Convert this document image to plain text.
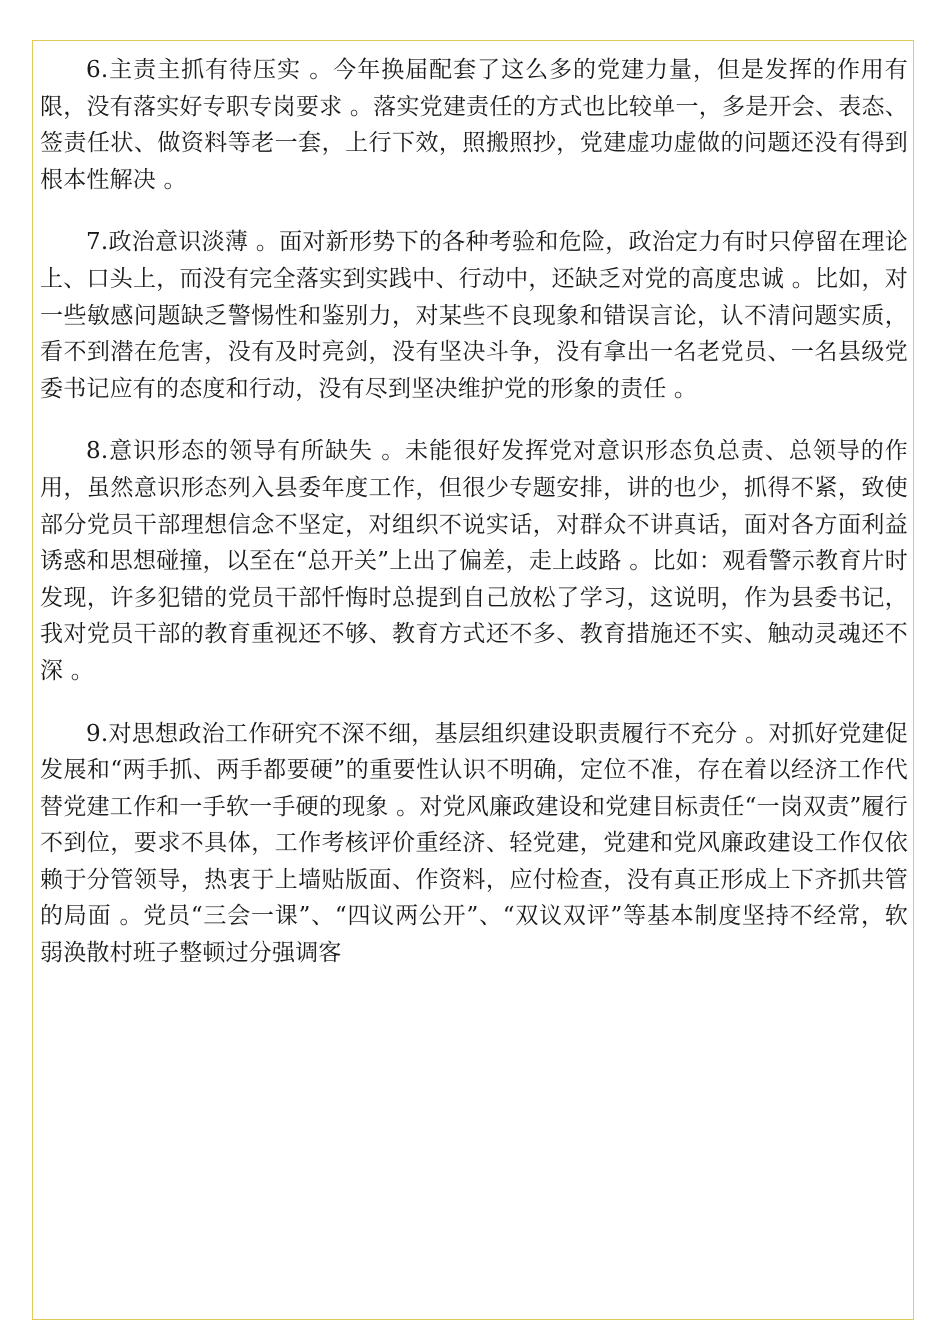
6.主责主抓有待压实 。今年换届配套了这么多的党建力量，但是发挥的作用有限，没有落实好专职专岗要求 。落实党建责任的方式也比较单一，多是开会、表态、签责任状、做资料等老一套，上行下效，照搬照抄，党建虚功虚做的问题还没有得到根本性解决 。

7.政治意识淡薄 。面对新形势下的各种考验和危险，政治定力有时只停留在理论上、口头上，而没有完全落实到实践中、行动中，还缺乏对党的高度忠诚 。比如，对一些敏感问题缺乏警惕性和鉴别力，对某些不良现象和错误言论，认不清问题实质，看不到潜在危害，没有及时亮剑，没有坚决斗争，没有拿出一名老党员、一名县级党委书记应有的态度和行动，没有尽到坚决维护党的形象的责任 。

8.意识形态的领导有所缺失 。未能很好发挥党对意识形态负总责、总领导的作用，虽然意识形态列入县委年度工作，但很少专题安排，讲的也少，抓得不紧，致使部分党员干部理想信念不坚定，对组织不说实话，对群众不讲真话，面对各方面利益诱惑和思想碰撞，以至在“总开关”上出了偏差，走上歧路 。比如：观看警示教育片时发现，许多犯错的党员干部忏悔时总提到自己放松了学习，这说明，作为县委书记，我对党员干部的教育重视还不够、教育方式还不多、教育措施还不实、触动灵魂还不深 。

9.对思想政治工作研究不深不细，基层组织建设职责履行不充分 。对抓好党建促发展和“两手抓、两手都要硬”的重要性认识不明确，定位不准，存在着以经济工作代替党建工作和一手软一手硬的现象 。对党风廉政建设和党建目标责任“一岗双责”履行不到位，要求不具体，工作考核评价重经济、轻党建，党建和党风廉政建设工作仅依赖于分管领导，热衷于上墙贴版面、作资料，应付检查，没有真正形成上下齐抓共管的局面 。党员“三会一课”、“四议两公开”、“双议双评”等基本制度坚持不经常，软弱涣散村班子整顿过分强调客
